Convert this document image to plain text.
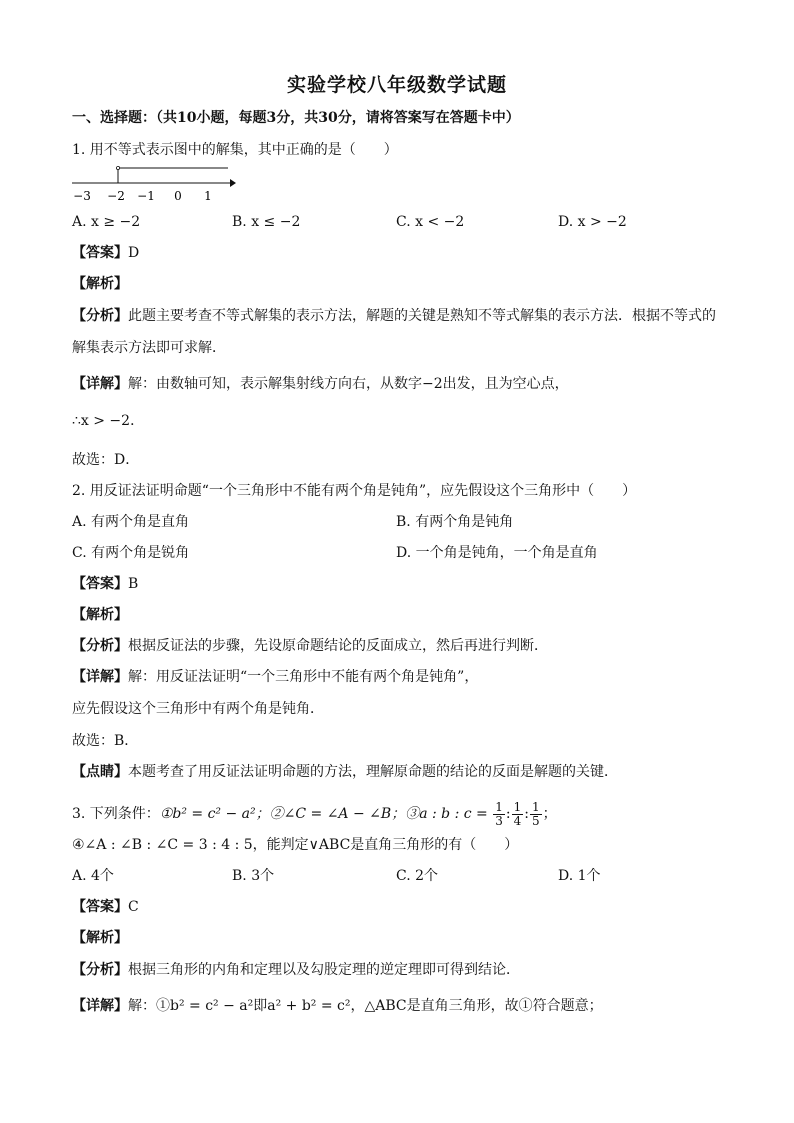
实验学校八年级数学试题
一、选择题：（共10小题，每题3分，共30分，请将答案写在答题卡中）
1. 用不等式表示图中的解集，其中正确的是（　　）
−3 −2 −1 0 1
A. x ≥ −2	B. x ≤ −2	C. x < −2	D. x > −2
【答案】D
【解析】
【分析】此题主要考查不等式解集的表示方法，解题的关键是熟知不等式解集的表示方法．根据不等式的
解集表示方法即可求解．
【详解】解：由数轴可知，表示解集射线方向右，从数字−2出发，且为空心点，
∴x > −2．
故选：D．
2. 用反证法证明命题“一个三角形中不能有两个角是钝角”，应先假设这个三角形中（　　）
A. 有两个角是直角	B. 有两个角是钝角
C. 有两个角是锐角	D. 一个角是钝角，一个角是直角
【答案】B
【解析】
【分析】根据反证法的步骤，先设原命题结论的反面成立，然后再进行判断．
【详解】解：用反证法证明“一个三角形中不能有两个角是钝角”，
应先假设这个三角形中有两个角是钝角．
故选：B．
【点睛】本题考查了用反证法证明命题的方法，理解原命题的结论的反面是解题的关键．
3. 下列条件：①b² = c² − a²；②∠C = ∠A − ∠B；③a : b : $c = \frac{1}{3}$ : $\frac{1}{4}$ : $\frac{1}{5}$ ；
④∠A : ∠B : ∠C = 3 : 4 : 5，能判定∨ABC是直角三角形的有（　　）
A. 4个	B. 3个	C. 2个	D. 1个
【答案】C
【解析】
【分析】根据三角形的内角和定理以及勾股定理的逆定理即可得到结论．
【详解】解：①b² = c² − a²即a² + b² = c²，△ABC是直角三角形，故①符合题意；
